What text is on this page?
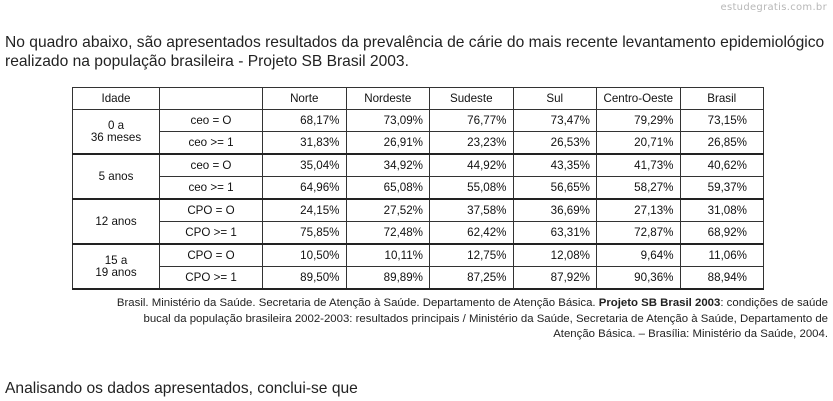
estudegratis.com.br

No quadro abaixo, são apresentados resultados da prevalência de cárie do mais recente levantamento epidemiológico realizado na população brasileira - Projeto SB Brasil 2003.

Idade		Norte	Nordeste	Sudeste	Sul	Centro-Oeste	Brasil

0 a
36 meses	ceo = O	68,17%	73,09%	76,77%	73,47%	79,29%	73,15%
	ceo >= 1	31,83%	26,91%	23,23%	26,53%	20,71%	26,85%

5 anos	ceo = O	35,04%	34,92%	44,92%	43,35%	41,73%	40,62%
	ceo >= 1	64,96%	65,08%	55,08%	56,65%	58,27%	59,37%

12 anos	CPO = O	24,15%	27,52%	37,58%	36,69%	27,13%	31,08%
	CPO >= 1	75,85%	72,48%	62,42%	63,31%	72,87%	68,92%

15 a
19 anos	CPO = O	10,50%	10,11%	12,75%	12,08%	9,64%	11,06%
	CPO >= 1	89,50%	89,89%	87,25%	87,92%	90,36%	88,94%

Brasil. Ministério da Saúde. Secretaria de Atenção à Saúde. Departamento de Atenção Básica. Projeto SB Brasil 2003: condições de saúde bucal da população brasileira 2002-2003: resultados principais / Ministério da Saúde, Secretaria de Atenção à Saúde, Departamento de Atenção Básica. – Brasília: Ministério da Saúde, 2004.

Analisando os dados apresentados, conclui-se que
